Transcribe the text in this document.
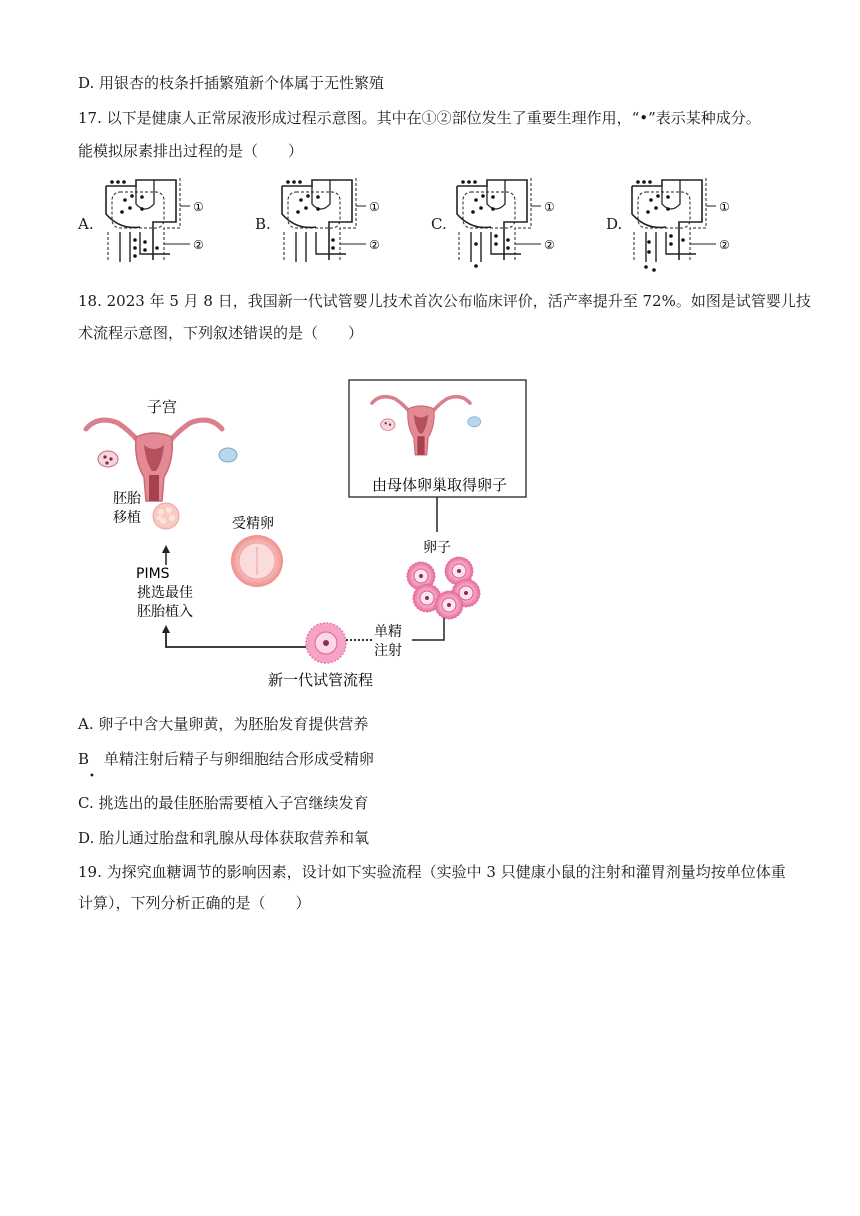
D. 用银杏的枝条扦插繁殖新个体属于无性繁殖
17. 以下是健康人正常尿液形成过程示意图。其中在①②部位发生了重要生理作用，“•”表示某种成分。
能模拟尿素排出过程的是（　　）
A.	B.	C.	D.
①
②
①
②
①
②
①
②
18. 2023 年 5 月 8 日，我国新一代试管婴儿技术首次公布临床评价，活产率提升至 72%。如图是试管婴儿技
术流程示意图，下列叙述错误的是（　　）
子宫
胚胎
移植	受精卵
PIMS
挑选最佳
胚胎植入
单精
注射
新一代试管流程
由母体卵巢取得卵子
卵子
A. 卵子中含大量卵黄，为胚胎发育提供营养
B 单精注射后精子与卵细胞结合形成受精卵
•
C. 挑选出的最佳胚胎需要植入子宫继续发育
D. 胎儿通过胎盘和乳腺从母体获取营养和氧
19. 为探究血糖调节的影响因素，设计如下实验流程（实验中 3 只健康小鼠的注射和灌胃剂量均按单位体重
计算），下列分析正确的是（　　）
